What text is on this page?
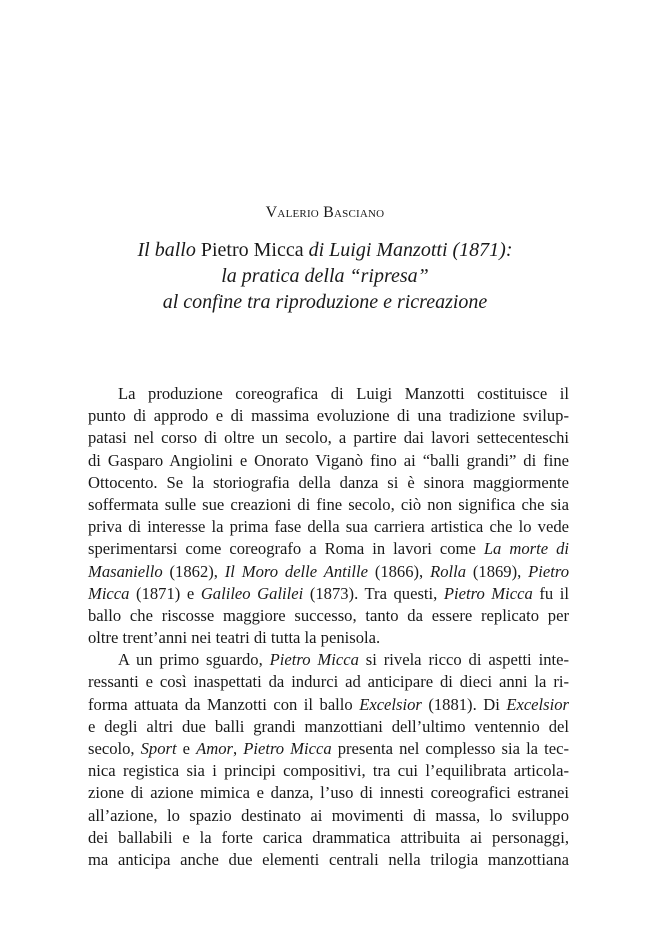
Valerio Basciano
Il ballo Pietro Micca di Luigi Manzotti (1871):
la pratica della “ripresa”
al confine tra riproduzione e ricreazione
La produzione coreografica di Luigi Manzotti costituisce il
punto di approdo e di massima evoluzione di una tradizione svilup-
patasi nel corso di oltre un secolo, a partire dai lavori settecenteschi
di Gasparo Angiolini e Onorato Viganò fino ai “balli grandi” di fine
Ottocento. Se la storiografia della danza si è sinora maggiormente
soffermata sulle sue creazioni di fine secolo, ciò non significa che sia
priva di interesse la prima fase della sua carriera artistica che lo vede
sperimentarsi come coreografo a Roma in lavori come La morte di
Masaniello (1862), Il Moro delle Antille (1866), Rolla (1869), Pietro
Micca (1871) e Galileo Galilei (1873). Tra questi, Pietro Micca fu il
ballo che riscosse maggiore successo, tanto da essere replicato per
oltre trent’anni nei teatri di tutta la penisola.
A un primo sguardo, Pietro Micca si rivela ricco di aspetti inte-
ressanti e così inaspettati da indurci ad anticipare di dieci anni la ri-
forma attuata da Manzotti con il ballo Excelsior (1881). Di Excelsior
e degli altri due balli grandi manzottiani dell’ultimo ventennio del
secolo, Sport e Amor, Pietro Micca presenta nel complesso sia la tec-
nica registica sia i principi compositivi, tra cui l’equilibrata articola-
zione di azione mimica e danza, l’uso di innesti coreografici estranei
all’azione, lo spazio destinato ai movimenti di massa, lo sviluppo
dei ballabili e la forte carica drammatica attribuita ai personaggi,
ma anticipa anche due elementi centrali nella trilogia manzottiana
